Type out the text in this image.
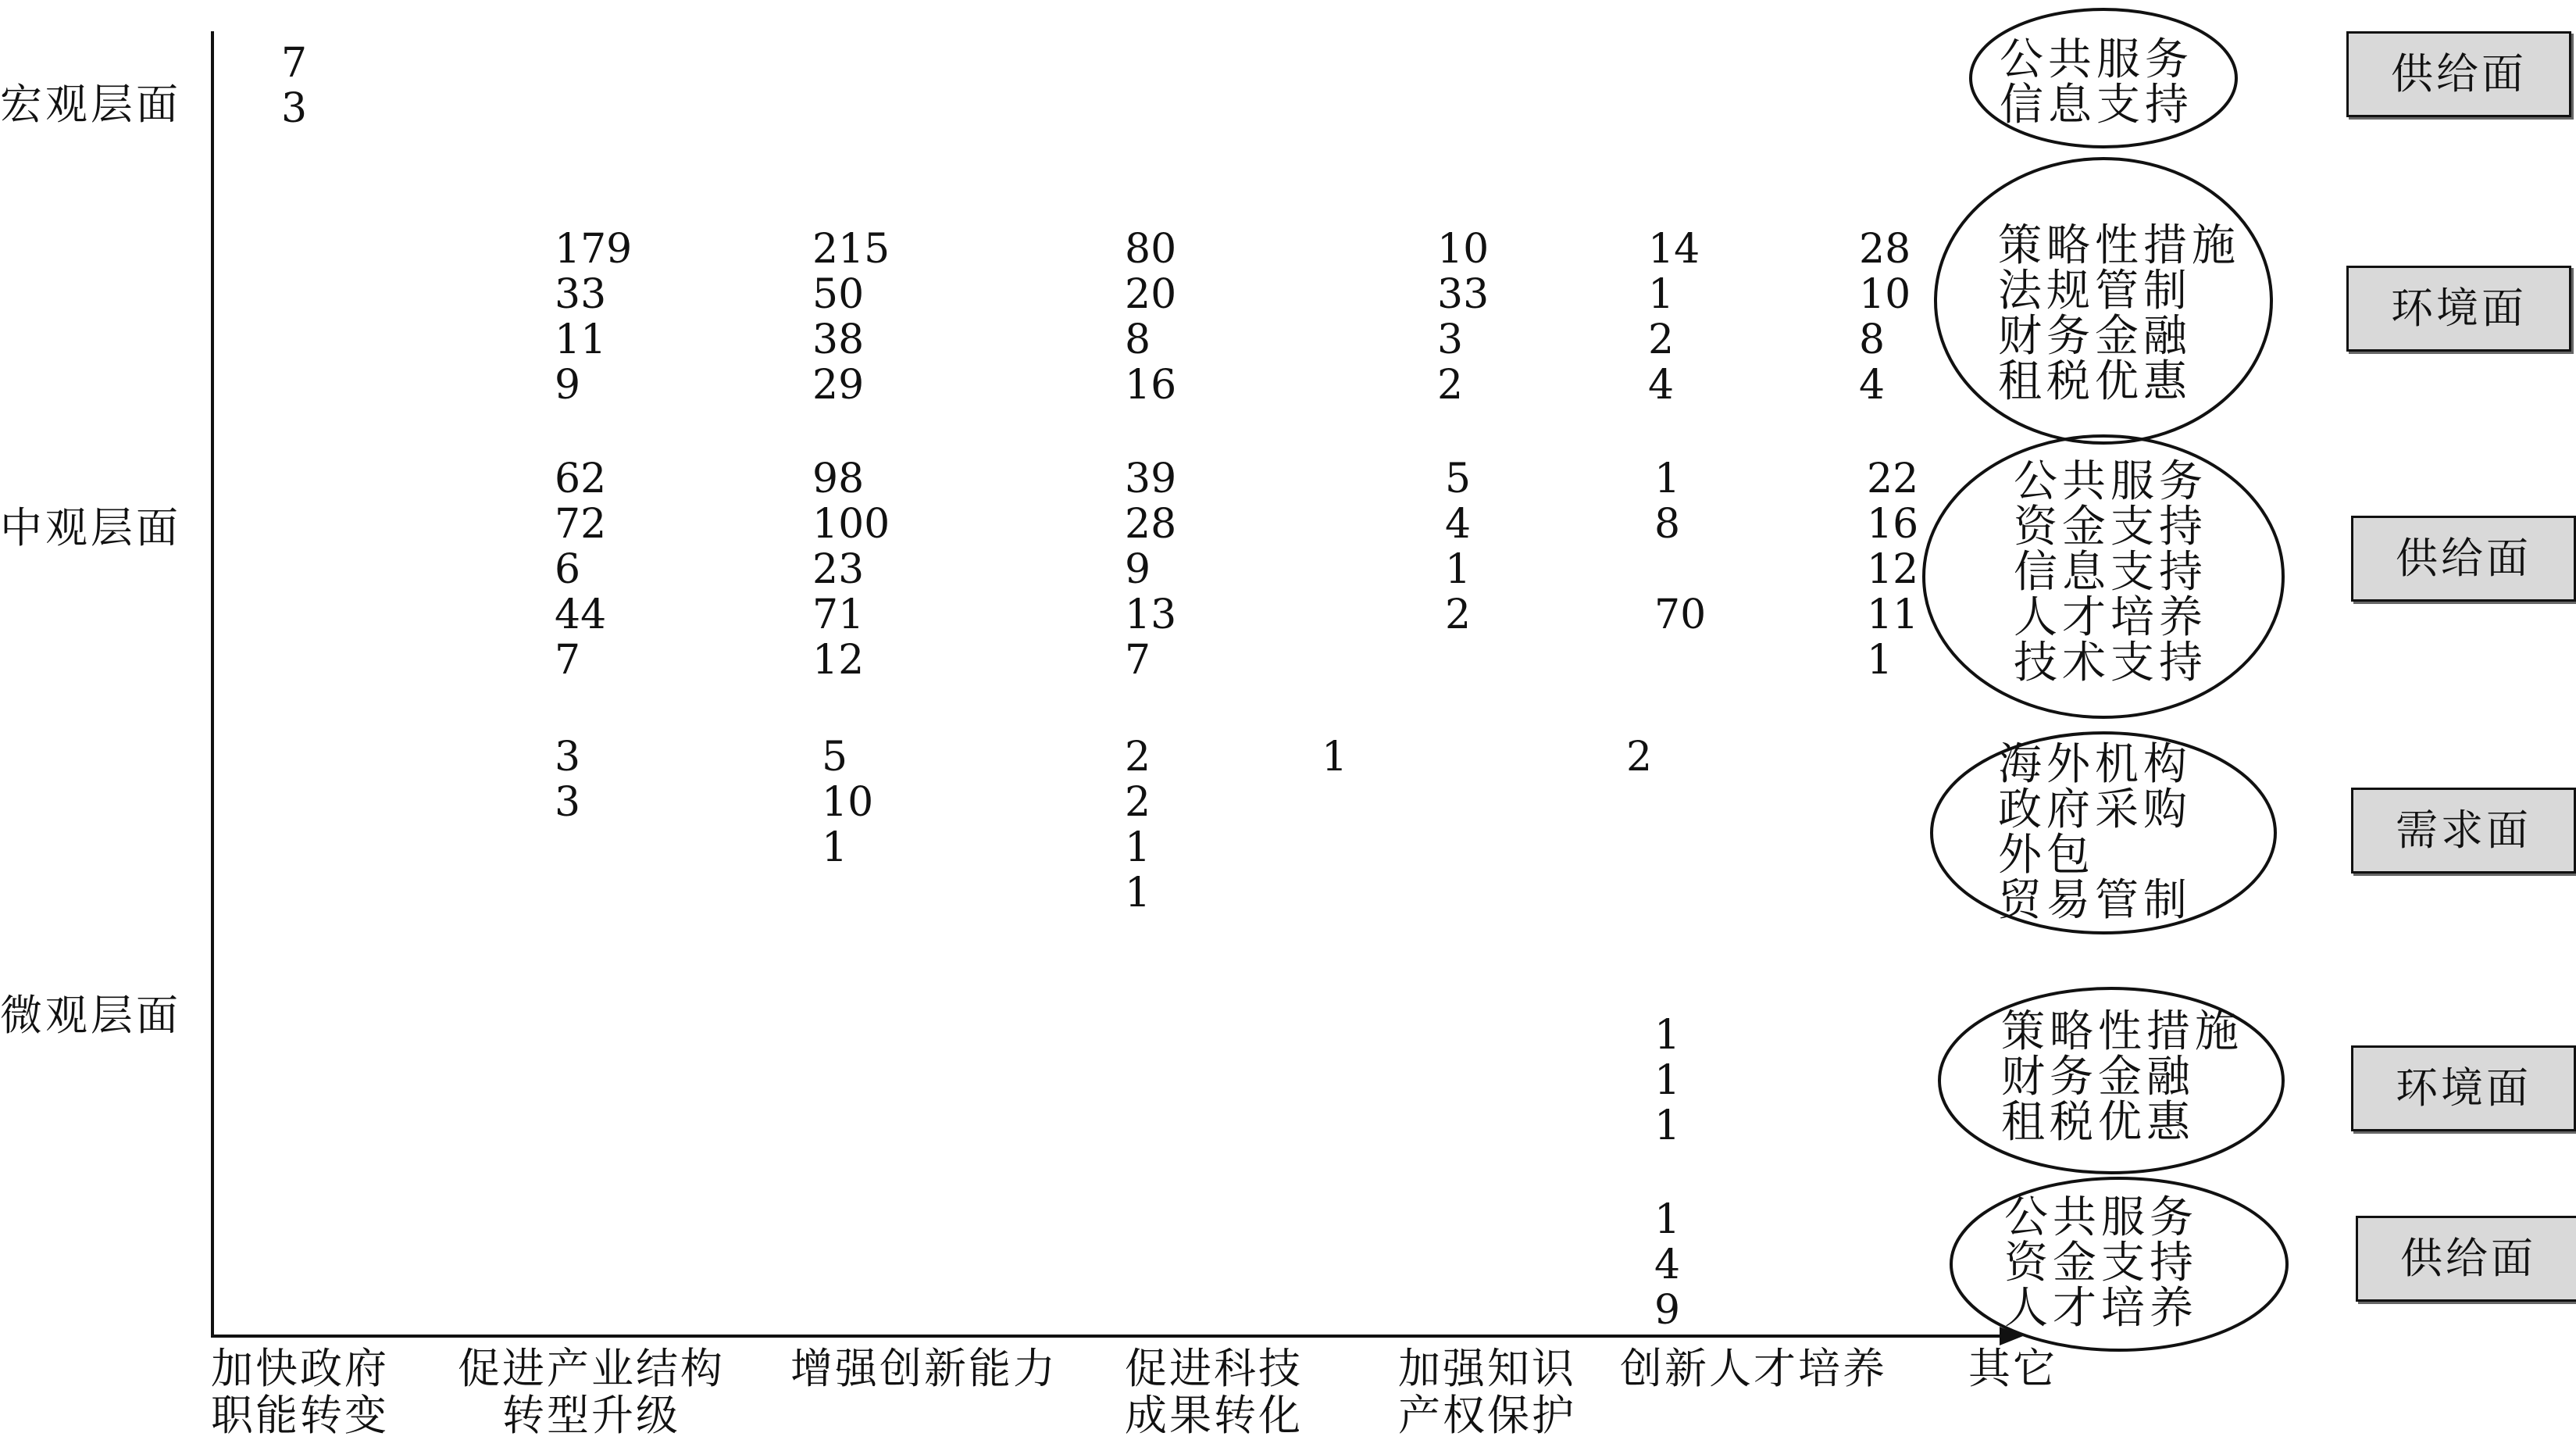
宏观层面
中观层面
微观层面
7
3
179
33
11
9
215
50
38
29
80
20
8
16
10
33
3
2
14
1
2
4
28
10
8
4
62
72
6
44
7
98
100
23
71
12
39
28
9
13
7
5
4
1
2
1
8

70
22
16
12
11
1
3
3
5
10
1
2
2
1
1
1	2
1
1
1
1
4
9
公共服务
信息支持
策略性措施
法规管制
财务金融
租税优惠
公共服务
资金支持
信息支持
人才培养
技术支持
海外机构
政府采购
外包
贸易管制
策略性措施
财务金融
租税优惠
公共服务
资金支持
人才培养
供给面
环境面
供给面
需求面
环境面
供给面
加快政府
职能转变
促进产业结构
转型升级
增强创新能力 促进科技
成果转化
加强知识
产权保护
创新人才培养 其它
